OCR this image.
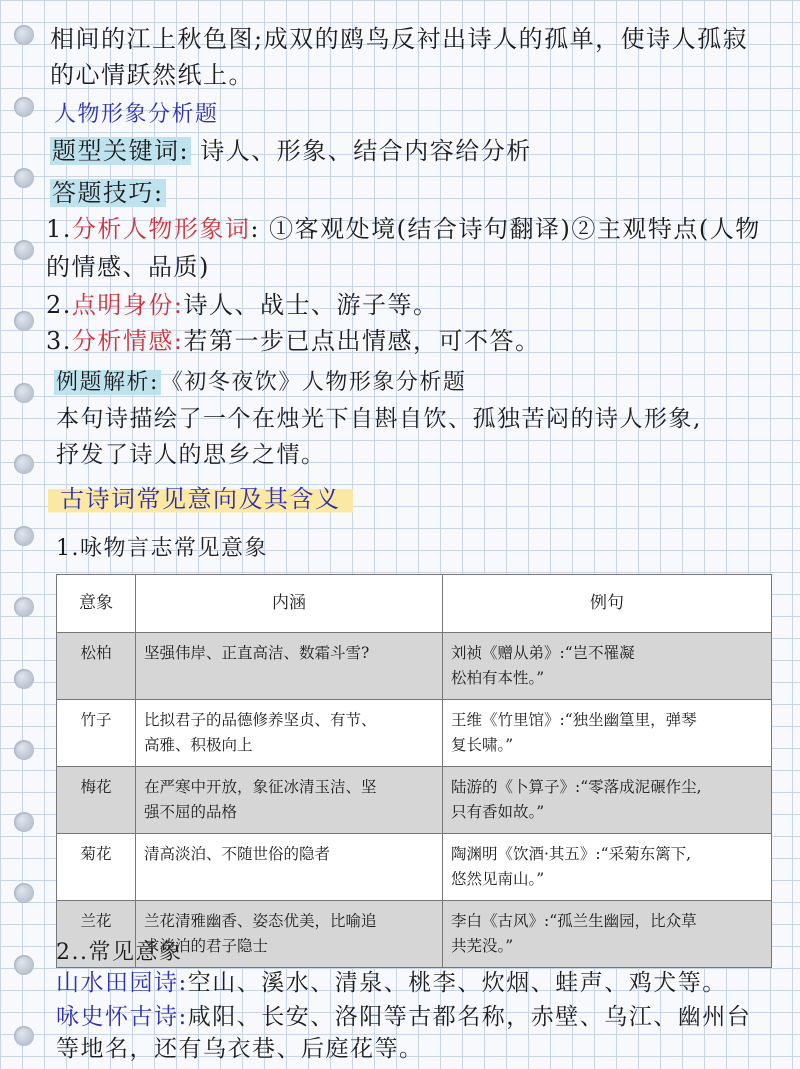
相间的江上秋色图;成双的鸥鸟反衬出诗人的孤单，使诗人孤寂
的心情跃然纸上。
人物形象分析题
题型关键词: 诗人、形象、结合内容给分析
答题技巧:
1.分析人物形象词: ①客观处境(结合诗句翻译)②主观特点(人物
的情感、品质)
2.点明身份:诗人、战士、游子等。
3.分析情感:若第一步已点出情感，可不答。
例题解析:《初冬夜饮》人物形象分析题
本句诗描绘了一个在烛光下自斟自饮、孤独苦闷的诗人形象,
抒发了诗人的思乡之情。
古诗词常见意向及其含义
1.咏物言志常见意象
意象	内涵	例句
松柏	坚强伟岸、正直高洁、数霜斗雪?	刘祯《赠从弟》:“岂不罹凝
松柏有本性。”
竹子	比拟君子的品德修养坚贞、有节、
高雅、积极向上	王维《竹里馆》:“独坐幽篁里，弹琴
复长啸。”
梅花	在严寒中开放，象征冰清玉洁、坚
强不屈的品格	陆游的《卜算子》:“零落成泥碾作尘,
只有香如故。”
菊花	清高淡泊、不随世俗的隐者	陶渊明《饮酒·其五》:“采菊东篱下,
悠然见南山。”
兰花	兰花清雅幽香、姿态优美，比喻追
求淡泊的君子隐士	李白《古风》:“孤兰生幽园，比众草
共芜没。”
2..常见意象
山水田园诗:空山、溪水、清泉、桃李、炊烟、蛙声、鸡犬等。
咏史怀古诗:咸阳、长安、洛阳等古都名称，赤壁、乌江、幽州台
等地名，还有乌衣巷、后庭花等。
